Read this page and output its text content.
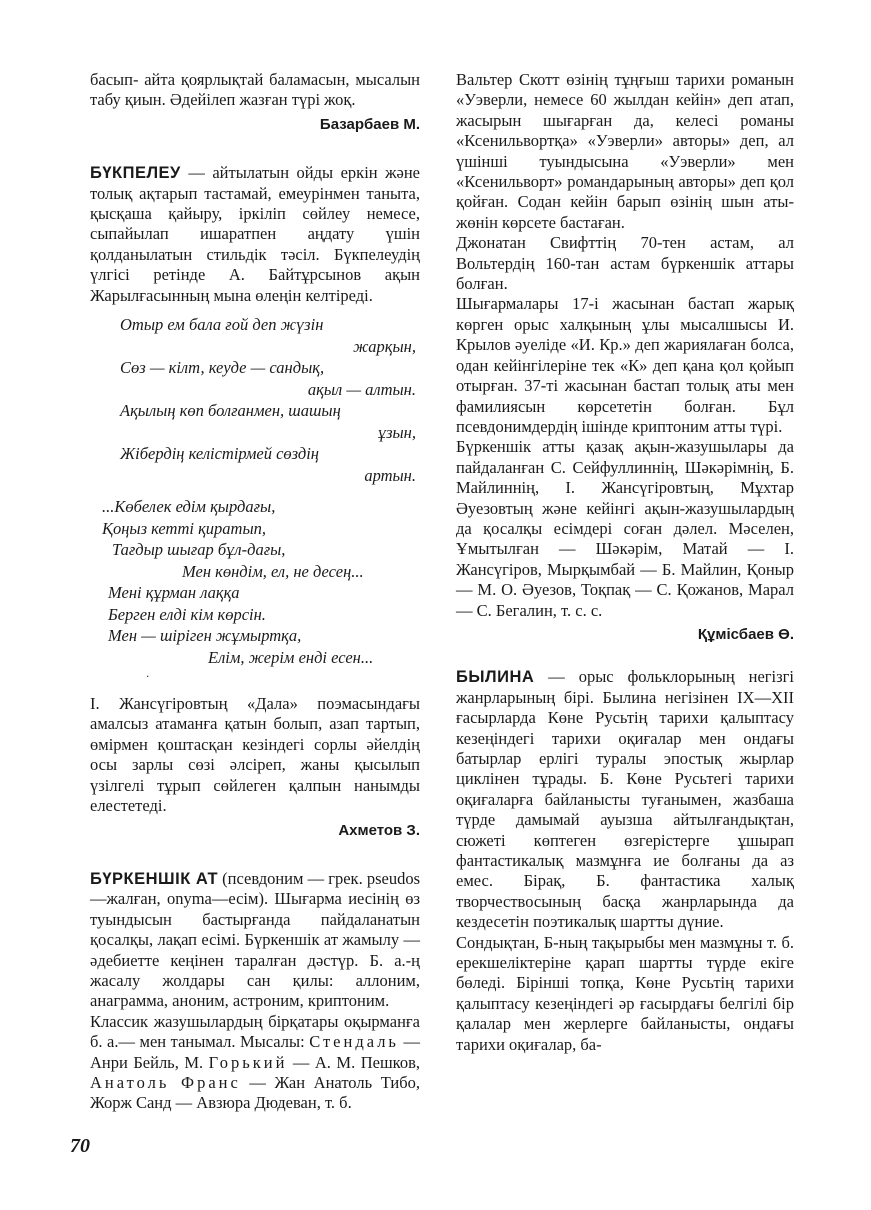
басып- айта қоярлықтай баламасын, мысалын табу қиын. Әдейілеп жазған түрі жоқ.

Базарбаев М.

БҮКПЕЛЕУ — айтылатын ойды еркін және толық ақтарып тастамай, емеурінмен таныта, қысқаша қайыру, іркіліп сөйлеу немесе, сыпайылап ишаратпен аңдату үшін қолданылатын стильдік тәсіл. Бүкпелеудің үлгісі ретінде А. Байтұрсынов ақын Жарылғасынның мына өлеңін келтіреді.

Отыр ем бала ғой деп жүзін

жарқын,

Сөз — кілт, кеуде — сандық,

ақыл — алтын.

Ақылың көп болғанмен, шашың

ұзын,

Жібердің келістірмей сөздің

артын.

...Көбелек едім қырдағы,

Қоңыз кетті қиратып,

Тағдыр шығар бұл-дағы,

Мен көндім, ел, не десең...

Мені құрман лаққа

Берген елді кім көрсін.

Мен — шіріген жұмыртқа,

Елім, жерім енді есен...

·

І. Жансүгіровтың «Дала» поэмасындағы амалсыз атаманға қатын болып, азап тартып, өмірмен қоштасқан кезіндегі сорлы әйелдің осы зарлы сөзі әлсіреп, жаны қысылып үзілгелі тұрып сөйлеген қалпын нанымды елестетеді.

Ахметов З.

БҮРКЕНШІК АТ (псевдоним — грек. pseudos—жалған, onyma—есім). Шығарма иесінің өз туындысын бастырғанда пайдаланатын қосалқы, лақап есімі. Бүркеншік ат жамылу — әдебиетте кеңінен таралған дәстүр. Б. а.-ң жасалу жолдары сан қилы: аллоним, анаграмма, аноним, астроним, криптоним.

Классик жазушылардың бірқатары оқырманға б. а.— мен танымал. Мысалы: Стендаль — Анри Бейль, М. Горький — А. М. Пешков, Анатоль Франс — Жан Анатоль Тибо, Жорж Санд — Авзюра Дюдеван, т. б.

Вальтер Скотт өзінің тұңғыш тарихи романын «Уэверли, немесе 60 жылдан кейін» деп атап, жасырын шығарған да, келесі романы «Ксенильвортқа» «Уэверли» авторы» деп, ал үшінші туындысына «Уэверли» мен «Ксенильворт» романдарының авторы» деп қол қойған. Содан кейін барып өзінің шын аты-жөнін көрсете бастаған.

Джонатан Свифттің 70-тен астам, ал Вольтердің 160-тан астам бүркеншік аттары болған.

Шығармалары 17-і жасынан бастап жарық көрген орыс халқының ұлы мысалшысы И. Крылов әуеліде «И. Кр.» деп жариялаған болса, одан кейінгілеріне тек «К» деп қана қол қойып отырған. 37-ті жасынан бастап толық аты мен фамилиясын көрсететін болған. Бұл псевдонимдердің ішінде криптоним атты түрі.

Бүркеншік атты қазақ ақын-жазушылары да пайдаланған С. Сейфуллиннің, Шәкәрімнің, Б. Майлиннің, І. Жансүгіровтың, Мұхтар Әуезовтың және кейінгі ақын-жазушылардың да қосалқы есімдері соған дәлел. Мәселен, Ұмытылған — Шәкәрім, Матай — І. Жансүгіров, Мырқымбай — Б. Майлин, Қоныр — М. О. Әуезов, Тоқпақ — С. Қожанов, Марал — С. Бегалин, т. с. с.

Құмісбаев Ө.

БЫЛИНА — орыс фольклорының негізгі жанрларының бірі. Былина негізінен IX—XII ғасырларда Көне Русьтің тарихи қалыптасу кезеңіндегі тарихи оқиғалар мен ондағы батырлар ерлігі туралы эпостық жырлар циклінен тұрады. Б. Көне Русьтегі тарихи оқиғаларға байланысты туғанымен, жазбаша түрде дамымай ауызша айтылғандықтан, сюжеті көптеген өзгерістерге ұшырап фантастикалық мазмұнға ие болғаны да аз емес. Бірақ, Б. фантастика халық творчествосының басқа жанрларында да кездесетін поэтикалық шартты дүние.

Сондықтан, Б-ның тақырыбы мен мазмұны т. б. ерекшеліктеріне қарап шартты түрде екіге бөледі. Бірінші топқа, Көне Русьтің тарихи қалыптасу кезеңіндегі әр ғасырдағы белгілі бір қалалар мен жерлерге байланысты, ондағы тарихи оқиғалар, ба-

70
